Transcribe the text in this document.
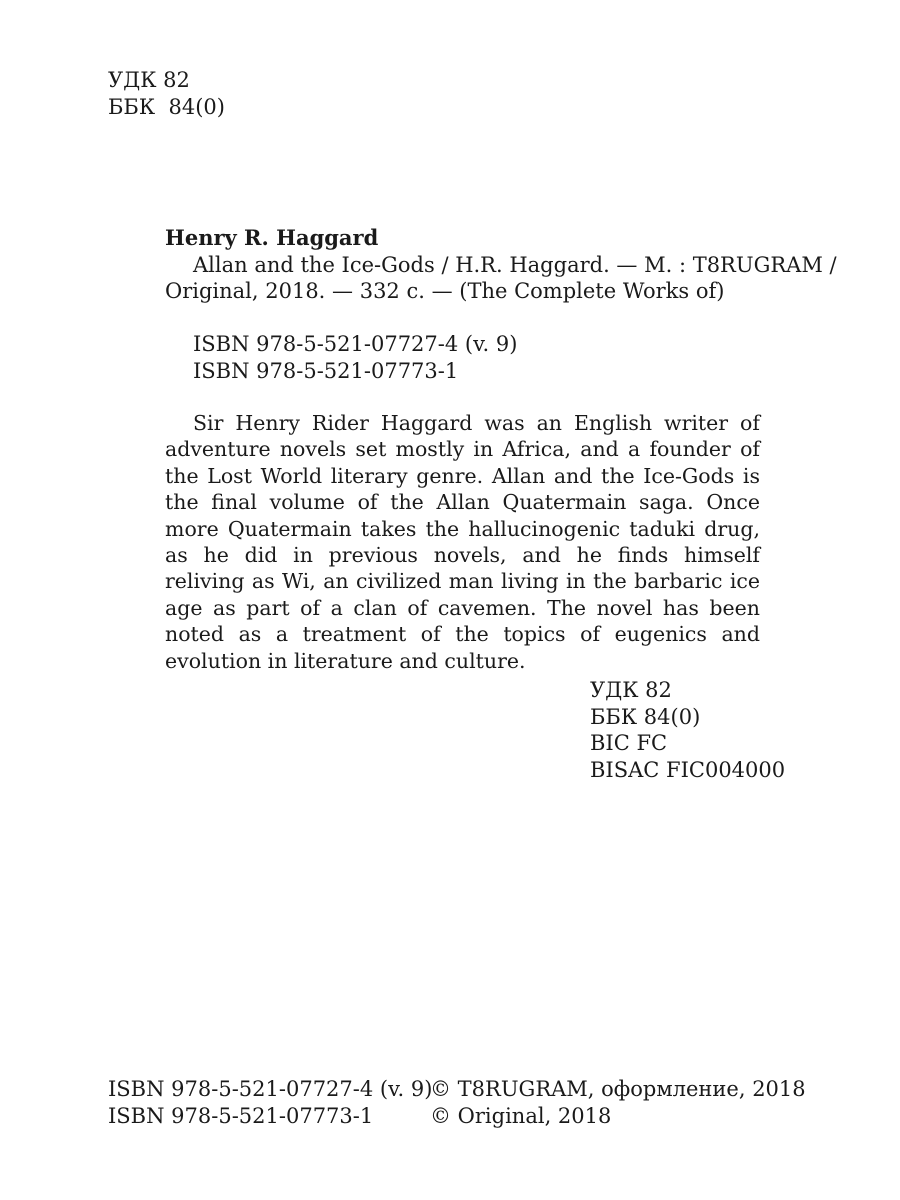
УДК 82
ББК  84(0)
Henry R. Haggard
Allan and the Ice-Gods / H.R. Haggard. — M. : T8RUGRAM /
Original, 2018. — 332 c. — (The Complete Works of)
ISBN 978-5-521-07727-4 (v. 9)
ISBN 978-5-521-07773-1

Sir Henry Rider Haggard was an English writer of adventure novels set mostly in Africa, and a founder of the Lost World literary genre. Allan and the Ice-Gods is the final volume of the Allan Quatermain saga. Once more Quatermain takes the hallucinogenic taduki drug, as he did in previous novels, and he finds himself reliving as Wi, an civilized man living in the barbaric ice age as part of a clan of cavemen. The novel has been noted as a treatment of the topics of eugenics and evolution in literature and culture.

УДК 82
ББК 84(0)
BIC FC
BISAC FIC004000
ISBN 978-5-521-07727-4 (v. 9)
ISBN 978-5-521-07773-1
© T8RUGRAM, оформление, 2018
© Original, 2018
